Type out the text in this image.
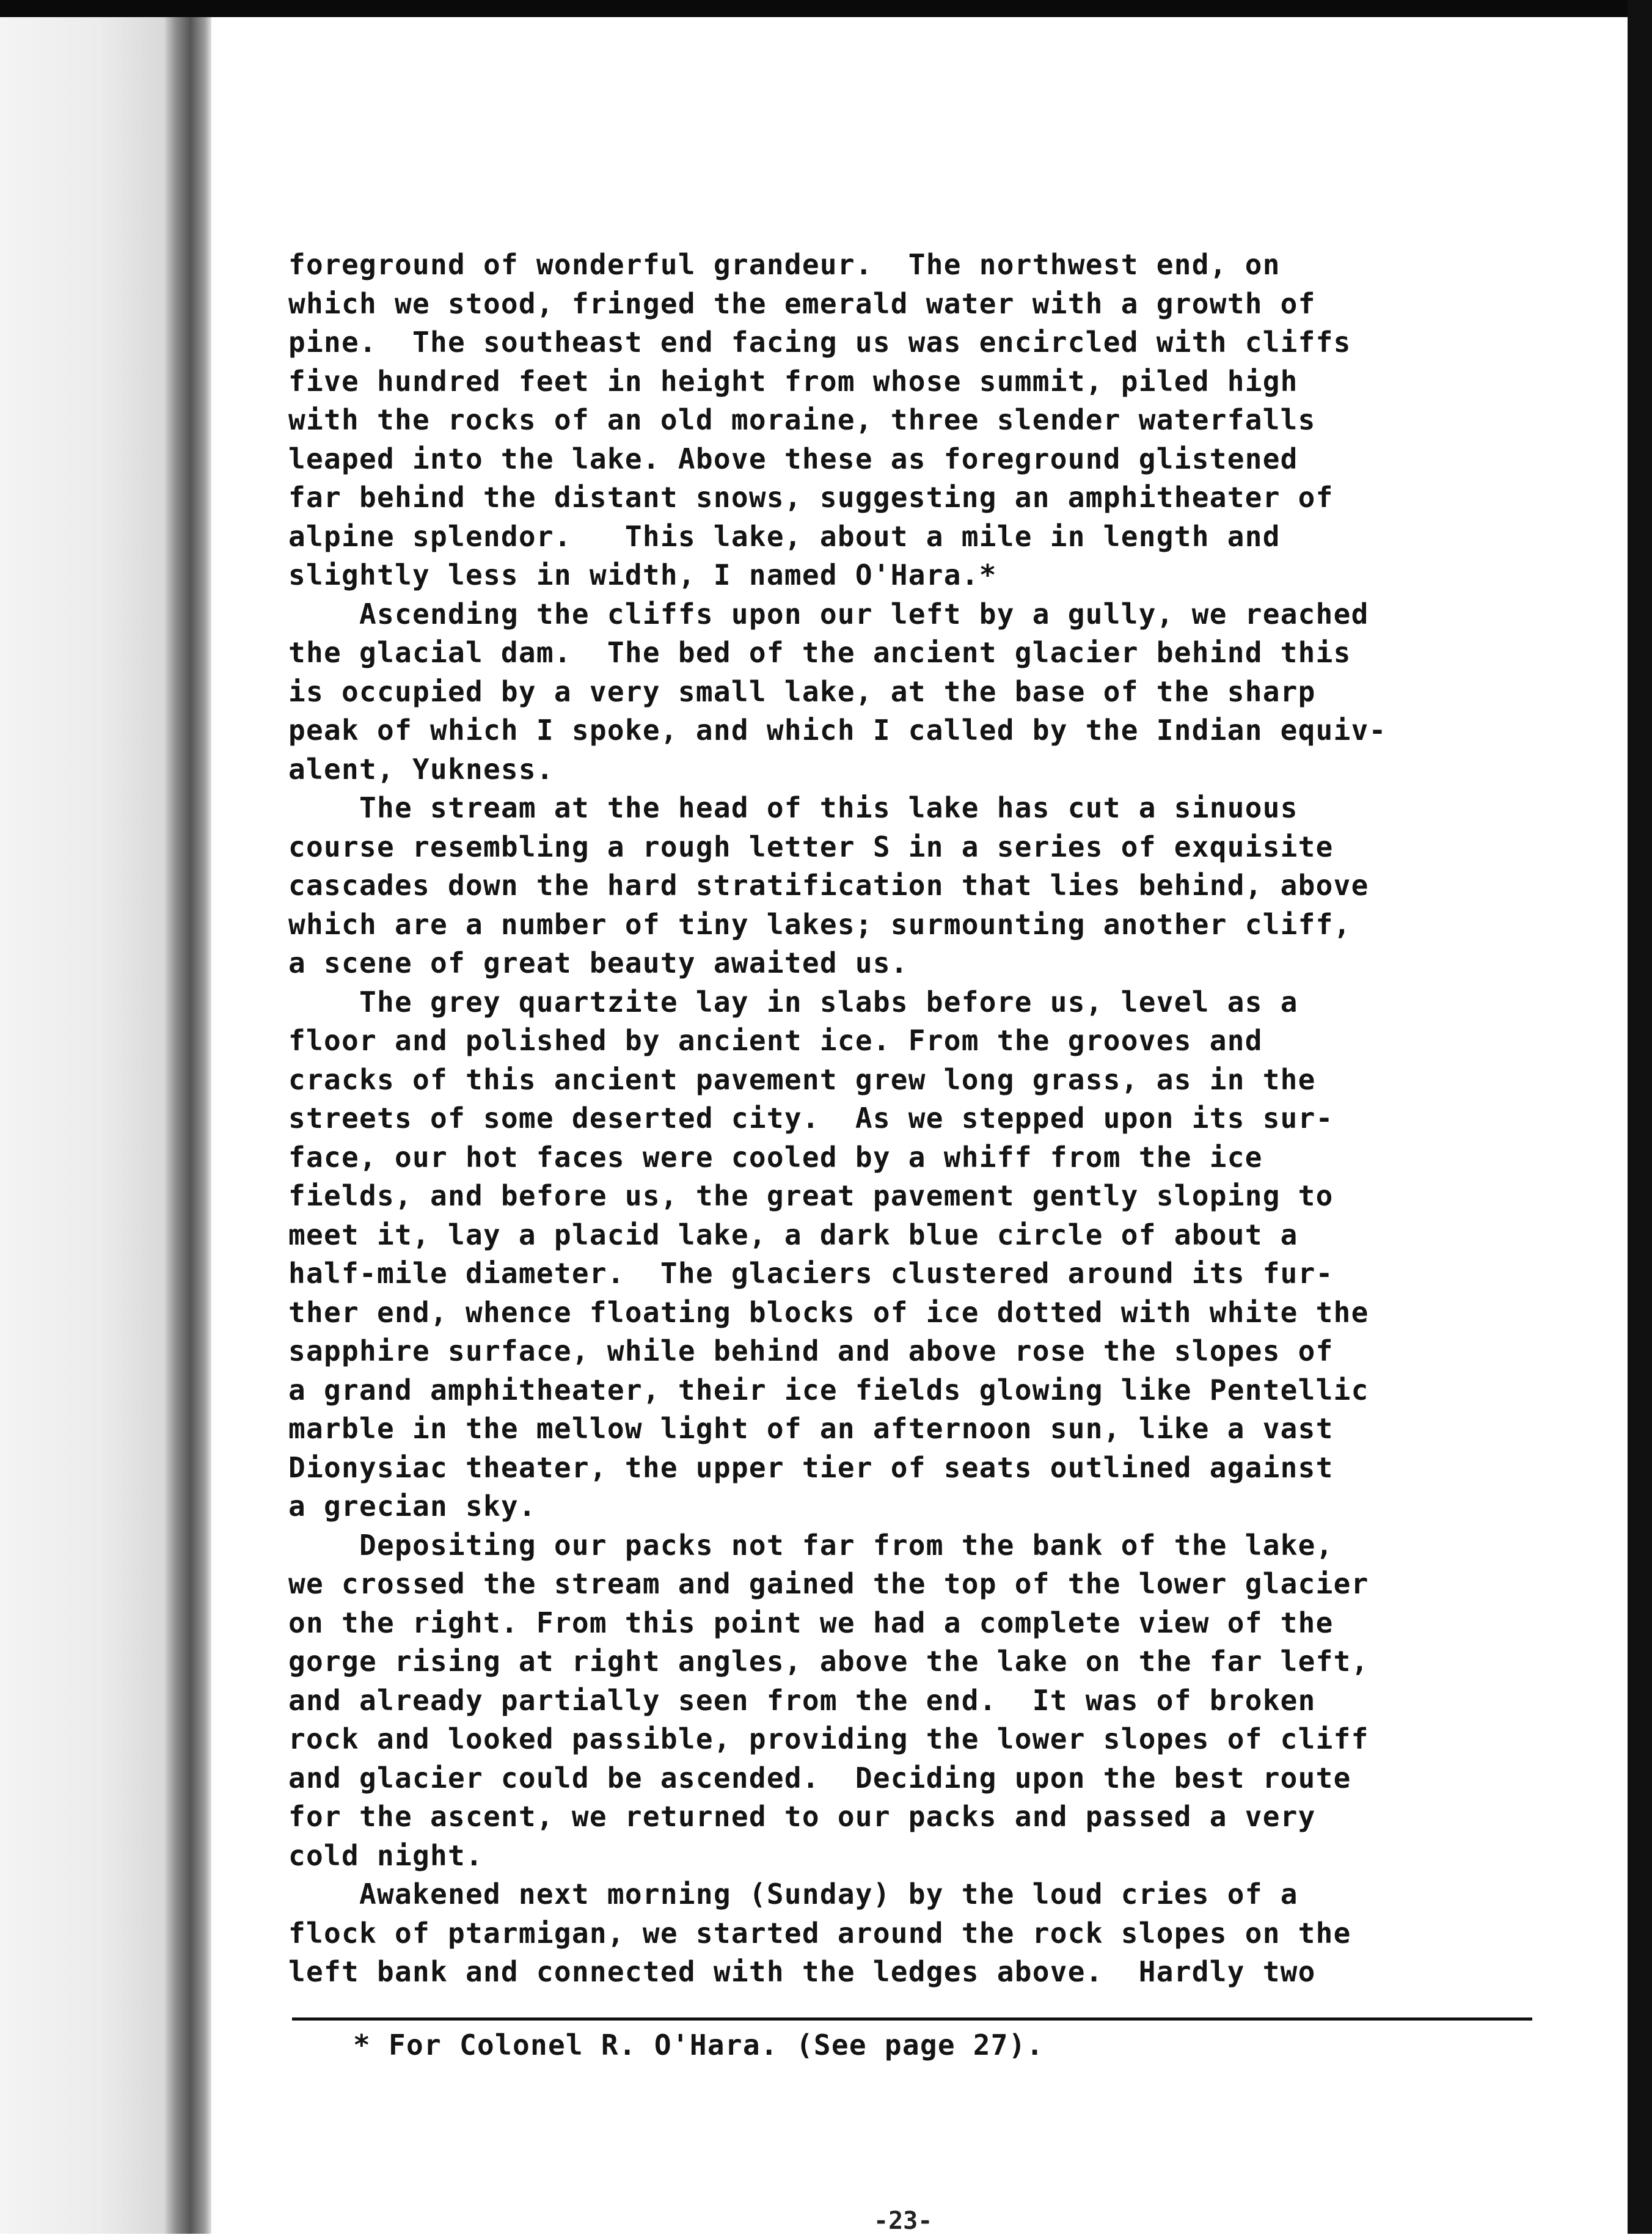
foreground of wonderful grandeur.  The northwest end, on
which we stood, fringed the emerald water with a growth of
pine.  The southeast end facing us was encircled with cliffs
five hundred feet in height from whose summit, piled high
with the rocks of an old moraine, three slender waterfalls
leaped into the lake. Above these as foreground glistened
far behind the distant snows, suggesting an amphitheater of
alpine splendor.   This lake, about a mile in length and
slightly less in width, I named O'Hara.*

Ascending the cliffs upon our left by a gully, we reached
the glacial dam.  The bed of the ancient glacier behind this
is occupied by a very small lake, at the base of the sharp
peak of which I spoke, and which I called by the Indian equiv-
alent, Yukness.

The stream at the head of this lake has cut a sinuous
course resembling a rough letter S in a series of exquisite
cascades down the hard stratification that lies behind, above
which are a number of tiny lakes; surmounting another cliff,
a scene of great beauty awaited us.

The grey quartzite lay in slabs before us, level as a
floor and polished by ancient ice. From the grooves and
cracks of this ancient pavement grew long grass, as in the
streets of some deserted city.  As we stepped upon its sur-
face, our hot faces were cooled by a whiff from the ice
fields, and before us, the great pavement gently sloping to
meet it, lay a placid lake, a dark blue circle of about a
half-mile diameter.  The glaciers clustered around its fur-
ther end, whence floating blocks of ice dotted with white the
sapphire surface, while behind and above rose the slopes of
a grand amphitheater, their ice fields glowing like Pentellic
marble in the mellow light of an afternoon sun, like a vast
Dionysiac theater, the upper tier of seats outlined against
a grecian sky.

Depositing our packs not far from the bank of the lake,
we crossed the stream and gained the top of the lower glacier
on the right. From this point we had a complete view of the
gorge rising at right angles, above the lake on the far left,
and already partially seen from the end.  It was of broken
rock and looked passible, providing the lower slopes of cliff
and glacier could be ascended.  Deciding upon the best route
for the ascent, we returned to our packs and passed a very
cold night.

Awakened next morning (Sunday) by the loud cries of a
flock of ptarmigan, we started around the rock slopes on the
left bank and connected with the ledges above.  Hardly two

* For Colonel R. O'Hara. (See page 27).
-23-
